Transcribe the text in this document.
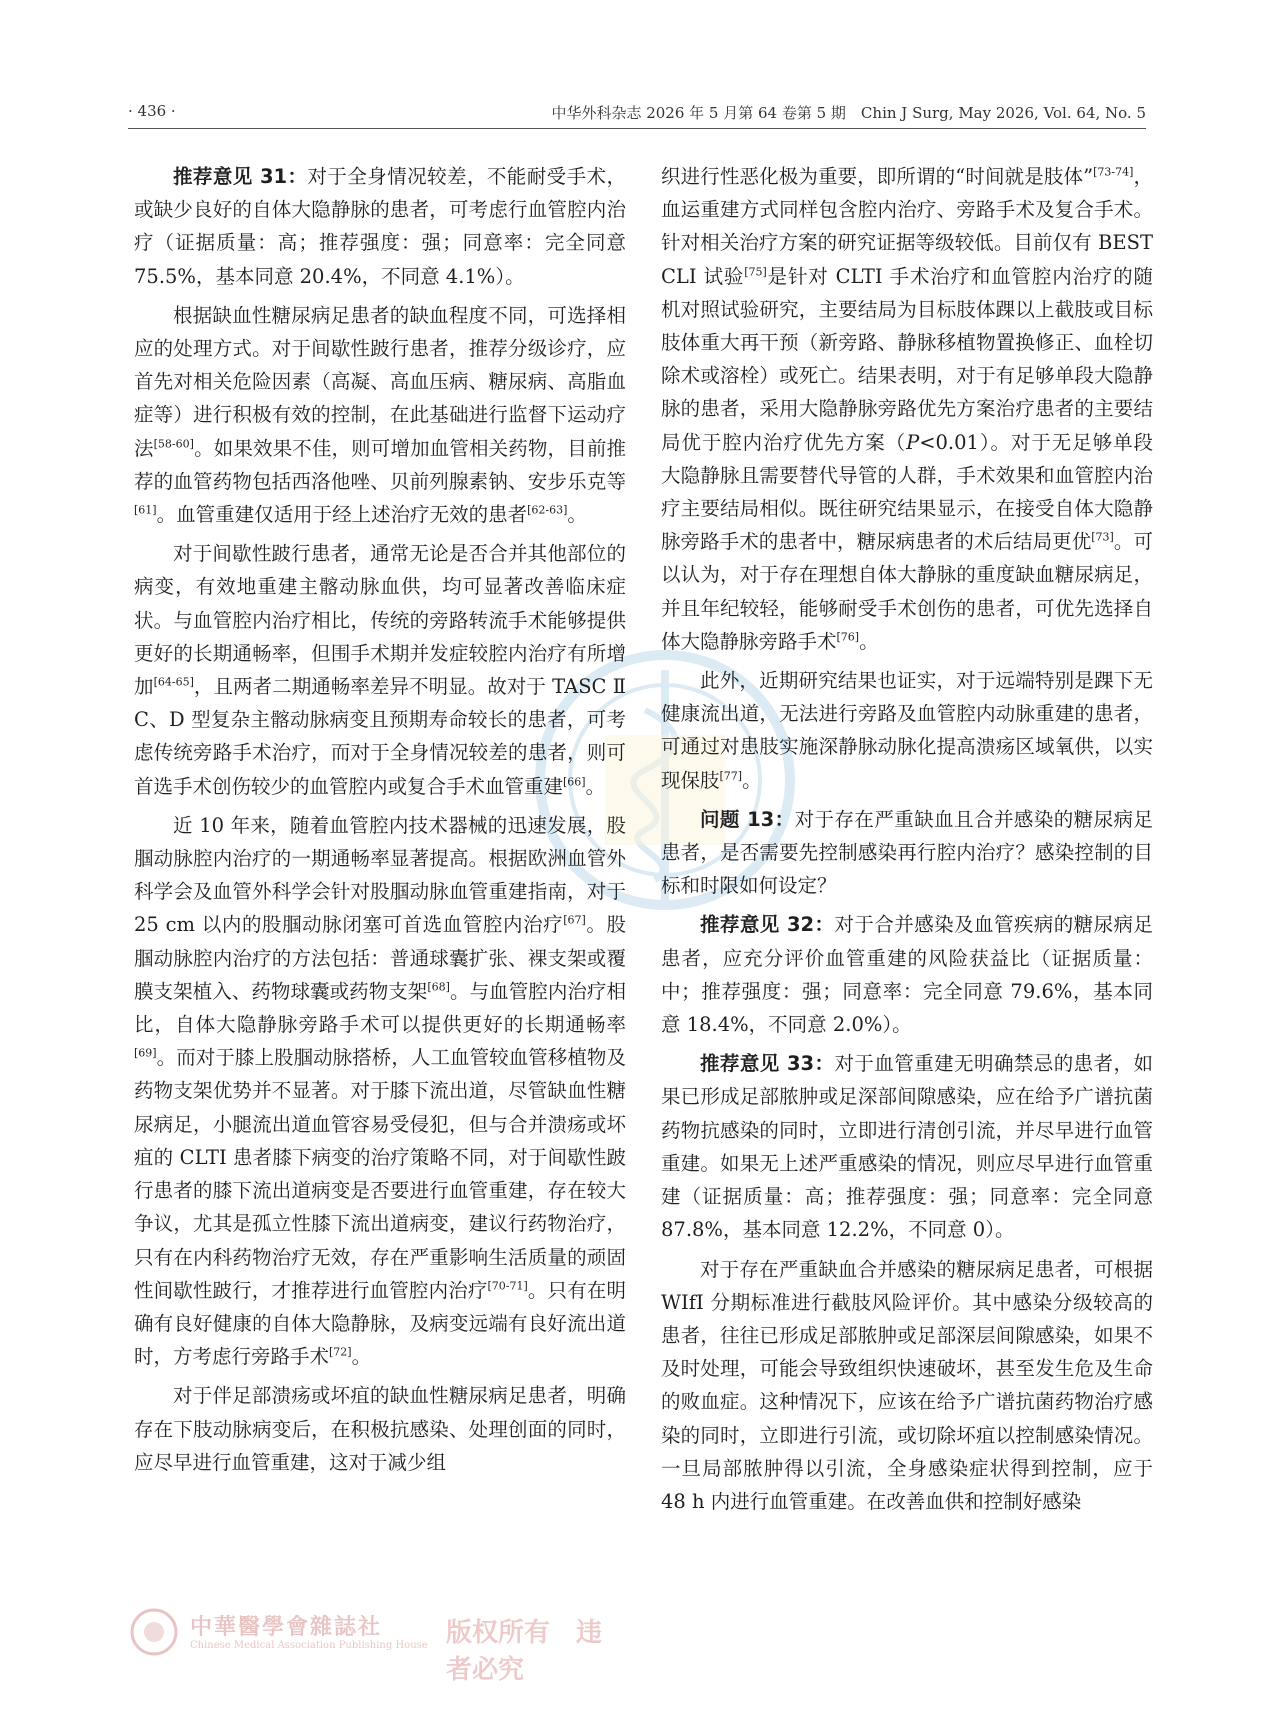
· 436 ·	中华外科杂志 2026 年 5 月第 64 卷第 5 期　Chin J Surg, May 2026, Vol. 64, No. 5

推荐意见 31：对于全身情况较差，不能耐受手术，或缺少良好的自体大隐静脉的患者，可考虑行血管腔内治疗（证据质量：高；推荐强度：强；同意率：完全同意 75.5%，基本同意 20.4%，不同意 4.1%）。

根据缺血性糖尿病足患者的缺血程度不同，可选择相应的处理方式。对于间歇性跛行患者，推荐分级诊疗，应首先对相关危险因素（高凝、高血压病、糖尿病、高脂血症等）进行积极有效的控制，在此基础进行监督下运动疗法[58-60]。如果效果不佳，则可增加血管相关药物，目前推荐的血管药物包括西洛他唑、贝前列腺素钠、安步乐克等[61]。血管重建仅适用于经上述治疗无效的患者[62-63]。

对于间歇性跛行患者，通常无论是否合并其他部位的病变，有效地重建主髂动脉血供，均可显著改善临床症状。与血管腔内治疗相比，传统的旁路转流手术能够提供更好的长期通畅率，但围手术期并发症较腔内治疗有所增加[64-65]，且两者二期通畅率差异不明显。故对于 TASC Ⅱ C、D 型复杂主髂动脉病变且预期寿命较长的患者，可考虑传统旁路手术治疗，而对于全身情况较差的患者，则可首选手术创伤较少的血管腔内或复合手术血管重建[66]。

近 10 年来，随着血管腔内技术器械的迅速发展，股腘动脉腔内治疗的一期通畅率显著提高。根据欧洲血管外科学会及血管外科学会针对股腘动脉血管重建指南，对于 25 cm 以内的股腘动脉闭塞可首选血管腔内治疗[67]。股腘动脉腔内治疗的方法包括：普通球囊扩张、裸支架或覆膜支架植入、药物球囊或药物支架[68]。与血管腔内治疗相比，自体大隐静脉旁路手术可以提供更好的长期通畅率[69]。而对于膝上股腘动脉搭桥，人工血管较血管移植物及药物支架优势并不显著。对于膝下流出道，尽管缺血性糖尿病足，小腿流出道血管容易受侵犯，但与合并溃疡或坏疽的 CLTI 患者膝下病变的治疗策略不同，对于间歇性跛行患者的膝下流出道病变是否要进行血管重建，存在较大争议，尤其是孤立性膝下流出道病变，建议行药物治疗，只有在内科药物治疗无效，存在严重影响生活质量的顽固性间歇性跛行，才推荐进行血管腔内治疗[70-71]。只有在明确有良好健康的自体大隐静脉，及病变远端有良好流出道时，方考虑行旁路手术[72]。

对于伴足部溃疡或坏疽的缺血性糖尿病足患者，明确存在下肢动脉病变后，在积极抗感染、处理创面的同时，应尽早进行血管重建，这对于减少组

织进行性恶化极为重要，即所谓的“时间就是肢体”[73-74]，血运重建方式同样包含腔内治疗、旁路手术及复合手术。针对相关治疗方案的研究证据等级较低。目前仅有 BEST CLI 试验[75]是针对 CLTI 手术治疗和血管腔内治疗的随机对照试验研究，主要结局为目标肢体踝以上截肢或目标肢体重大再干预（新旁路、静脉移植物置换修正、血栓切除术或溶栓）或死亡。结果表明，对于有足够单段大隐静脉的患者，采用大隐静脉旁路优先方案治疗患者的主要结局优于腔内治疗优先方案（P<0.01）。对于无足够单段大隐静脉且需要替代导管的人群，手术效果和血管腔内治疗主要结局相似。既往研究结果显示，在接受自体大隐静脉旁路手术的患者中，糖尿病患者的术后结局更优[73]。可以认为，对于存在理想自体大静脉的重度缺血糖尿病足，并且年纪较轻，能够耐受手术创伤的患者，可优先选择自体大隐静脉旁路手术[76]。

此外，近期研究结果也证实，对于远端特别是踝下无健康流出道，无法进行旁路及血管腔内动脉重建的患者，可通过对患肢实施深静脉动脉化提高溃疡区域氧供，以实现保肢[77]。

问题 13：对于存在严重缺血且合并感染的糖尿病足患者，是否需要先控制感染再行腔内治疗？感染控制的目标和时限如何设定？

推荐意见 32：对于合并感染及血管疾病的糖尿病足患者，应充分评价血管重建的风险获益比（证据质量：中；推荐强度：强；同意率：完全同意 79.6%，基本同意 18.4%，不同意 2.0%）。

推荐意见 33：对于血管重建无明确禁忌的患者，如果已形成足部脓肿或足深部间隙感染，应在给予广谱抗菌药物抗感染的同时，立即进行清创引流，并尽早进行血管重建。如果无上述严重感染的情况，则应尽早进行血管重建（证据质量：高；推荐强度：强；同意率：完全同意 87.8%，基本同意 12.2%，不同意 0）。

对于存在严重缺血合并感染的糖尿病足患者，可根据 WIfI 分期标准进行截肢风险评价。其中感染分级较高的患者，往往已形成足部脓肿或足部深层间隙感染，如果不及时处理，可能会导致组织快速破坏，甚至发生危及生命的败血症。这种情况下，应该在给予广谱抗菌药物治疗感染的同时，立即进行引流，或切除坏疽以控制感染情况。一旦局部脓肿得以引流，全身感染症状得到控制，应于 48 h 内进行血管重建。在改善血供和控制好感染

中華醫學會雜誌社
Chinese Medical Association Publishing House 版权所有　违者必究
